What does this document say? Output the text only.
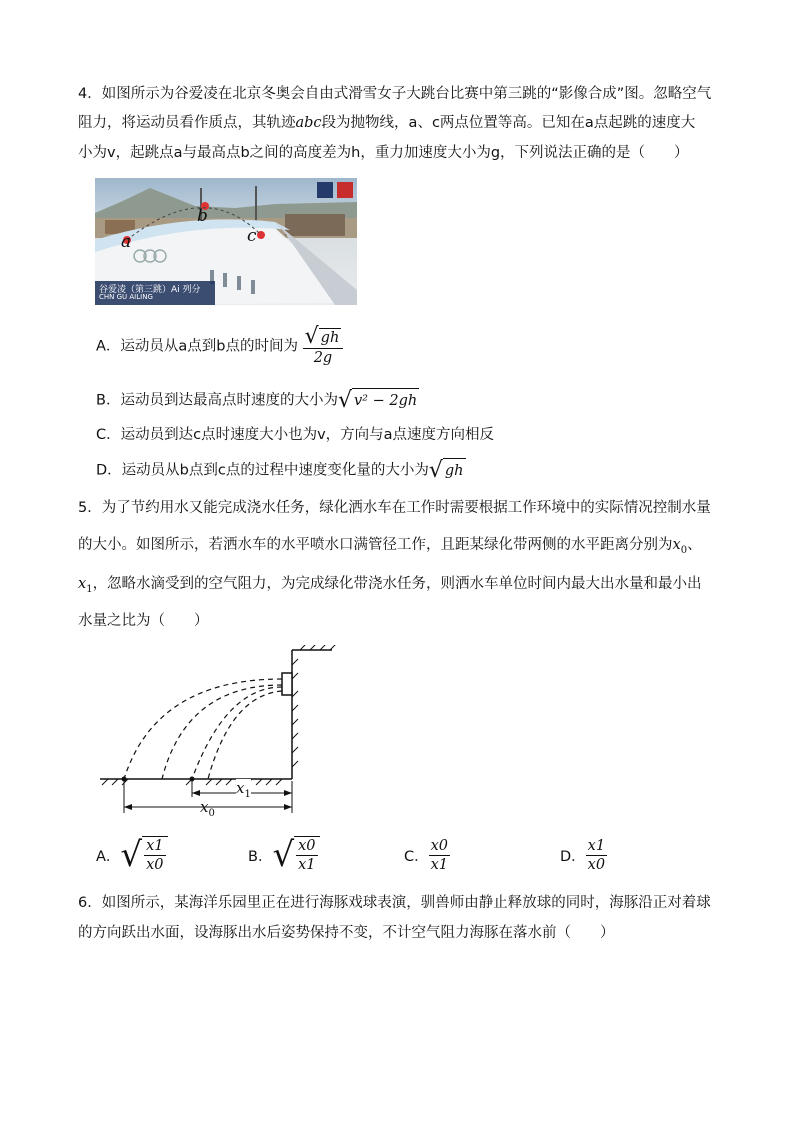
4．如图所示为谷爱凌在北京冬奥会自由式滑雪女子大跳台比赛中第三跳的“影像合成”图。忽略空气
阻力，将运动员看作质点，其轨迹abc段为抛物线，a、c两点位置等高。已知在a点起跳的速度大
小为v，起跳点a与最高点b之间的高度差为h，重力加速度大小为g，下列说法正确的是（　　）
a
b
c
谷爱凌（第三跳）Ai 列分
CHN GU AILING
A．运动员从a点到b点的时间为 $\frac{√ gh}{2g}$
B．运动员到达最高点时速度的大小为 √ v² − 2gh
C．运动员到达c点时速度大小也为v，方向与a点速度方向相反
D．运动员从b点到c点的过程中速度变化量的大小为 √ gh
5．为了节约用水又能完成浇水任务，绿化洒水车在工作时需要根据工作环境中的实际情况控制水量
的大小。如图所示，若洒水车的水平喷水口满管径工作，且距某绿化带两侧的水平距离分别为$x_0$、
$x_1$，忽略水滴受到的空气阻力，为完成绿化带浇水任务，则洒水车单位时间内最大出水量和最小出
水量之比为（　　）
$x_1$
$x_0$
A． √ $\frac{x1}{x0}$	B． √ $\frac{x0}{x1}$	C． $\frac{x0}{x1}$	D． $\frac{x1}{x0}$
6．如图所示，某海洋乐园里正在进行海豚戏球表演，驯兽师由静止释放球的同时，海豚沿正对着球
的方向跃出水面，设海豚出水后姿势保持不变，不计空气阻力海豚在落水前（　　）
